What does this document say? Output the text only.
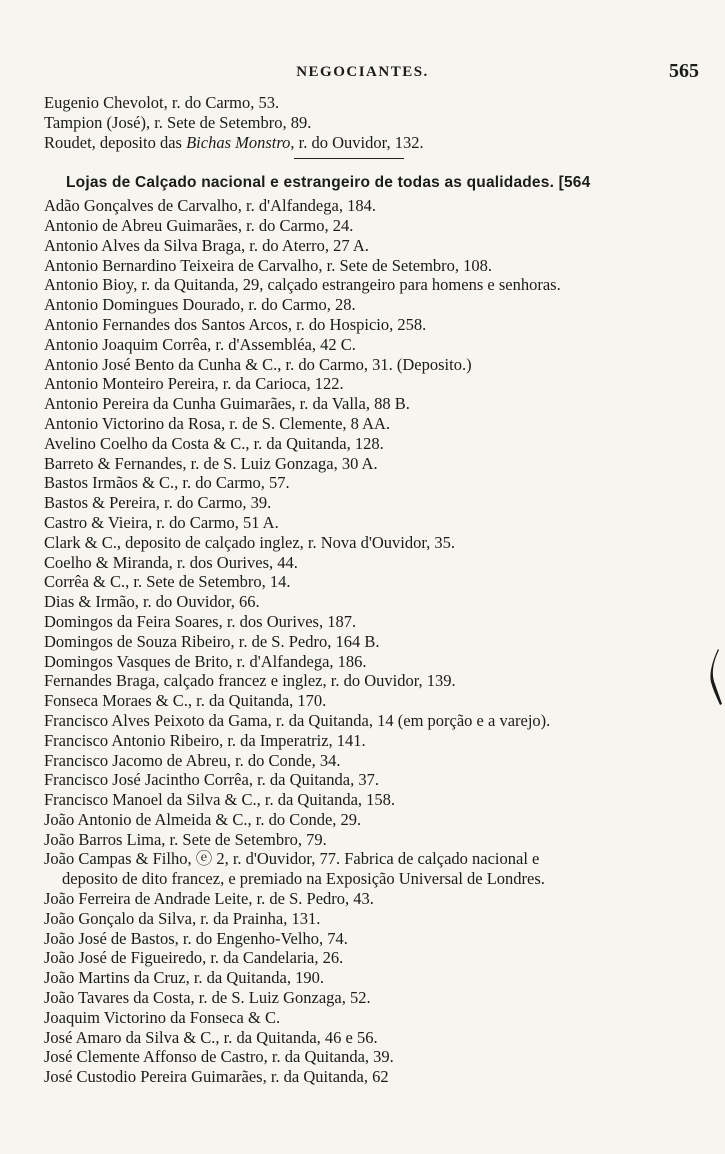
NEGOCIANTES.	565
Eugenio Chevolot, r. do Carmo, 53.
Tampion (José), r. Sete de Setembro, 89.
Roudet, deposito das Bichas Monstro, r. do Ouvidor, 132.
Lojas de Calçado nacional e estrangeiro de todas as qualidades. [564
Adão Gonçalves de Carvalho, r. d'Alfandega, 184.
Antonio de Abreu Guimarães, r. do Carmo, 24.
Antonio Alves da Silva Braga, r. do Aterro, 27 A.
Antonio Bernardino Teixeira de Carvalho, r. Sete de Setembro, 108.
Antonio Bioy, r. da Quitanda, 29, calçado estrangeiro para homens e senhoras.
Antonio Domingues Dourado, r. do Carmo, 28.
Antonio Fernandes dos Santos Arcos, r. do Hospicio, 258.
Antonio Joaquim Corrêa, r. d'Assembléa, 42 C.
Antonio José Bento da Cunha & C., r. do Carmo, 31. (Deposito.)
Antonio Monteiro Pereira, r. da Carioca, 122.
Antonio Pereira da Cunha Guimarães, r. da Valla, 88 B.
Antonio Victorino da Rosa, r. de S. Clemente, 8 AA.
Avelino Coelho da Costa & C., r. da Quitanda, 128.
Barreto & Fernandes, r. de S. Luiz Gonzaga, 30 A.
Bastos Irmãos & C., r. do Carmo, 57.
Bastos & Pereira, r. do Carmo, 39.
Castro & Vieira, r. do Carmo, 51 A.
Clark & C., deposito de calçado inglez, r. Nova d'Ouvidor, 35.
Coelho & Miranda, r. dos Ourives, 44.
Corrêa & C., r. Sete de Setembro, 14.
Dias & Irmão, r. do Ouvidor, 66.
Domingos da Feira Soares, r. dos Ourives, 187.
Domingos de Souza Ribeiro, r. de S. Pedro, 164 B.
Domingos Vasques de Brito, r. d'Alfandega, 186.
Fernandes Braga, calçado francez e inglez, r. do Ouvidor, 139.
Fonseca Moraes & C., r. da Quitanda, 170.
Francisco Alves Peixoto da Gama, r. da Quitanda, 14 (em porção e a varejo).
Francisco Antonio Ribeiro, r. da Imperatriz, 141.
Francisco Jacomo de Abreu, r. do Conde, 34.
Francisco José Jacintho Corrêa, r. da Quitanda, 37.
Francisco Manoel da Silva & C., r. da Quitanda, 158.
João Antonio de Almeida & C., r. do Conde, 29.
João Barros Lima, r. Sete de Setembro, 79.
João Campas & Filho, ⓔ 2, r. d'Ouvidor, 77. Fabrica de calçado nacional e
deposito de dito francez, e premiado na Exposição Universal de Londres.
João Ferreira de Andrade Leite, r. de S. Pedro, 43.
João Gonçalo da Silva, r. da Prainha, 131.
João José de Bastos, r. do Engenho-Velho, 74.
João José de Figueiredo, r. da Candelaria, 26.
João Martins da Cruz, r. da Quitanda, 190.
João Tavares da Costa, r. de S. Luiz Gonzaga, 52.
Joaquim Victorino da Fonseca & C.
José Amaro da Silva & C., r. da Quitanda, 46 e 56.
José Clemente Affonso de Castro, r. da Quitanda, 39.
José Custodio Pereira Guimarães, r. da Quitanda, 62
